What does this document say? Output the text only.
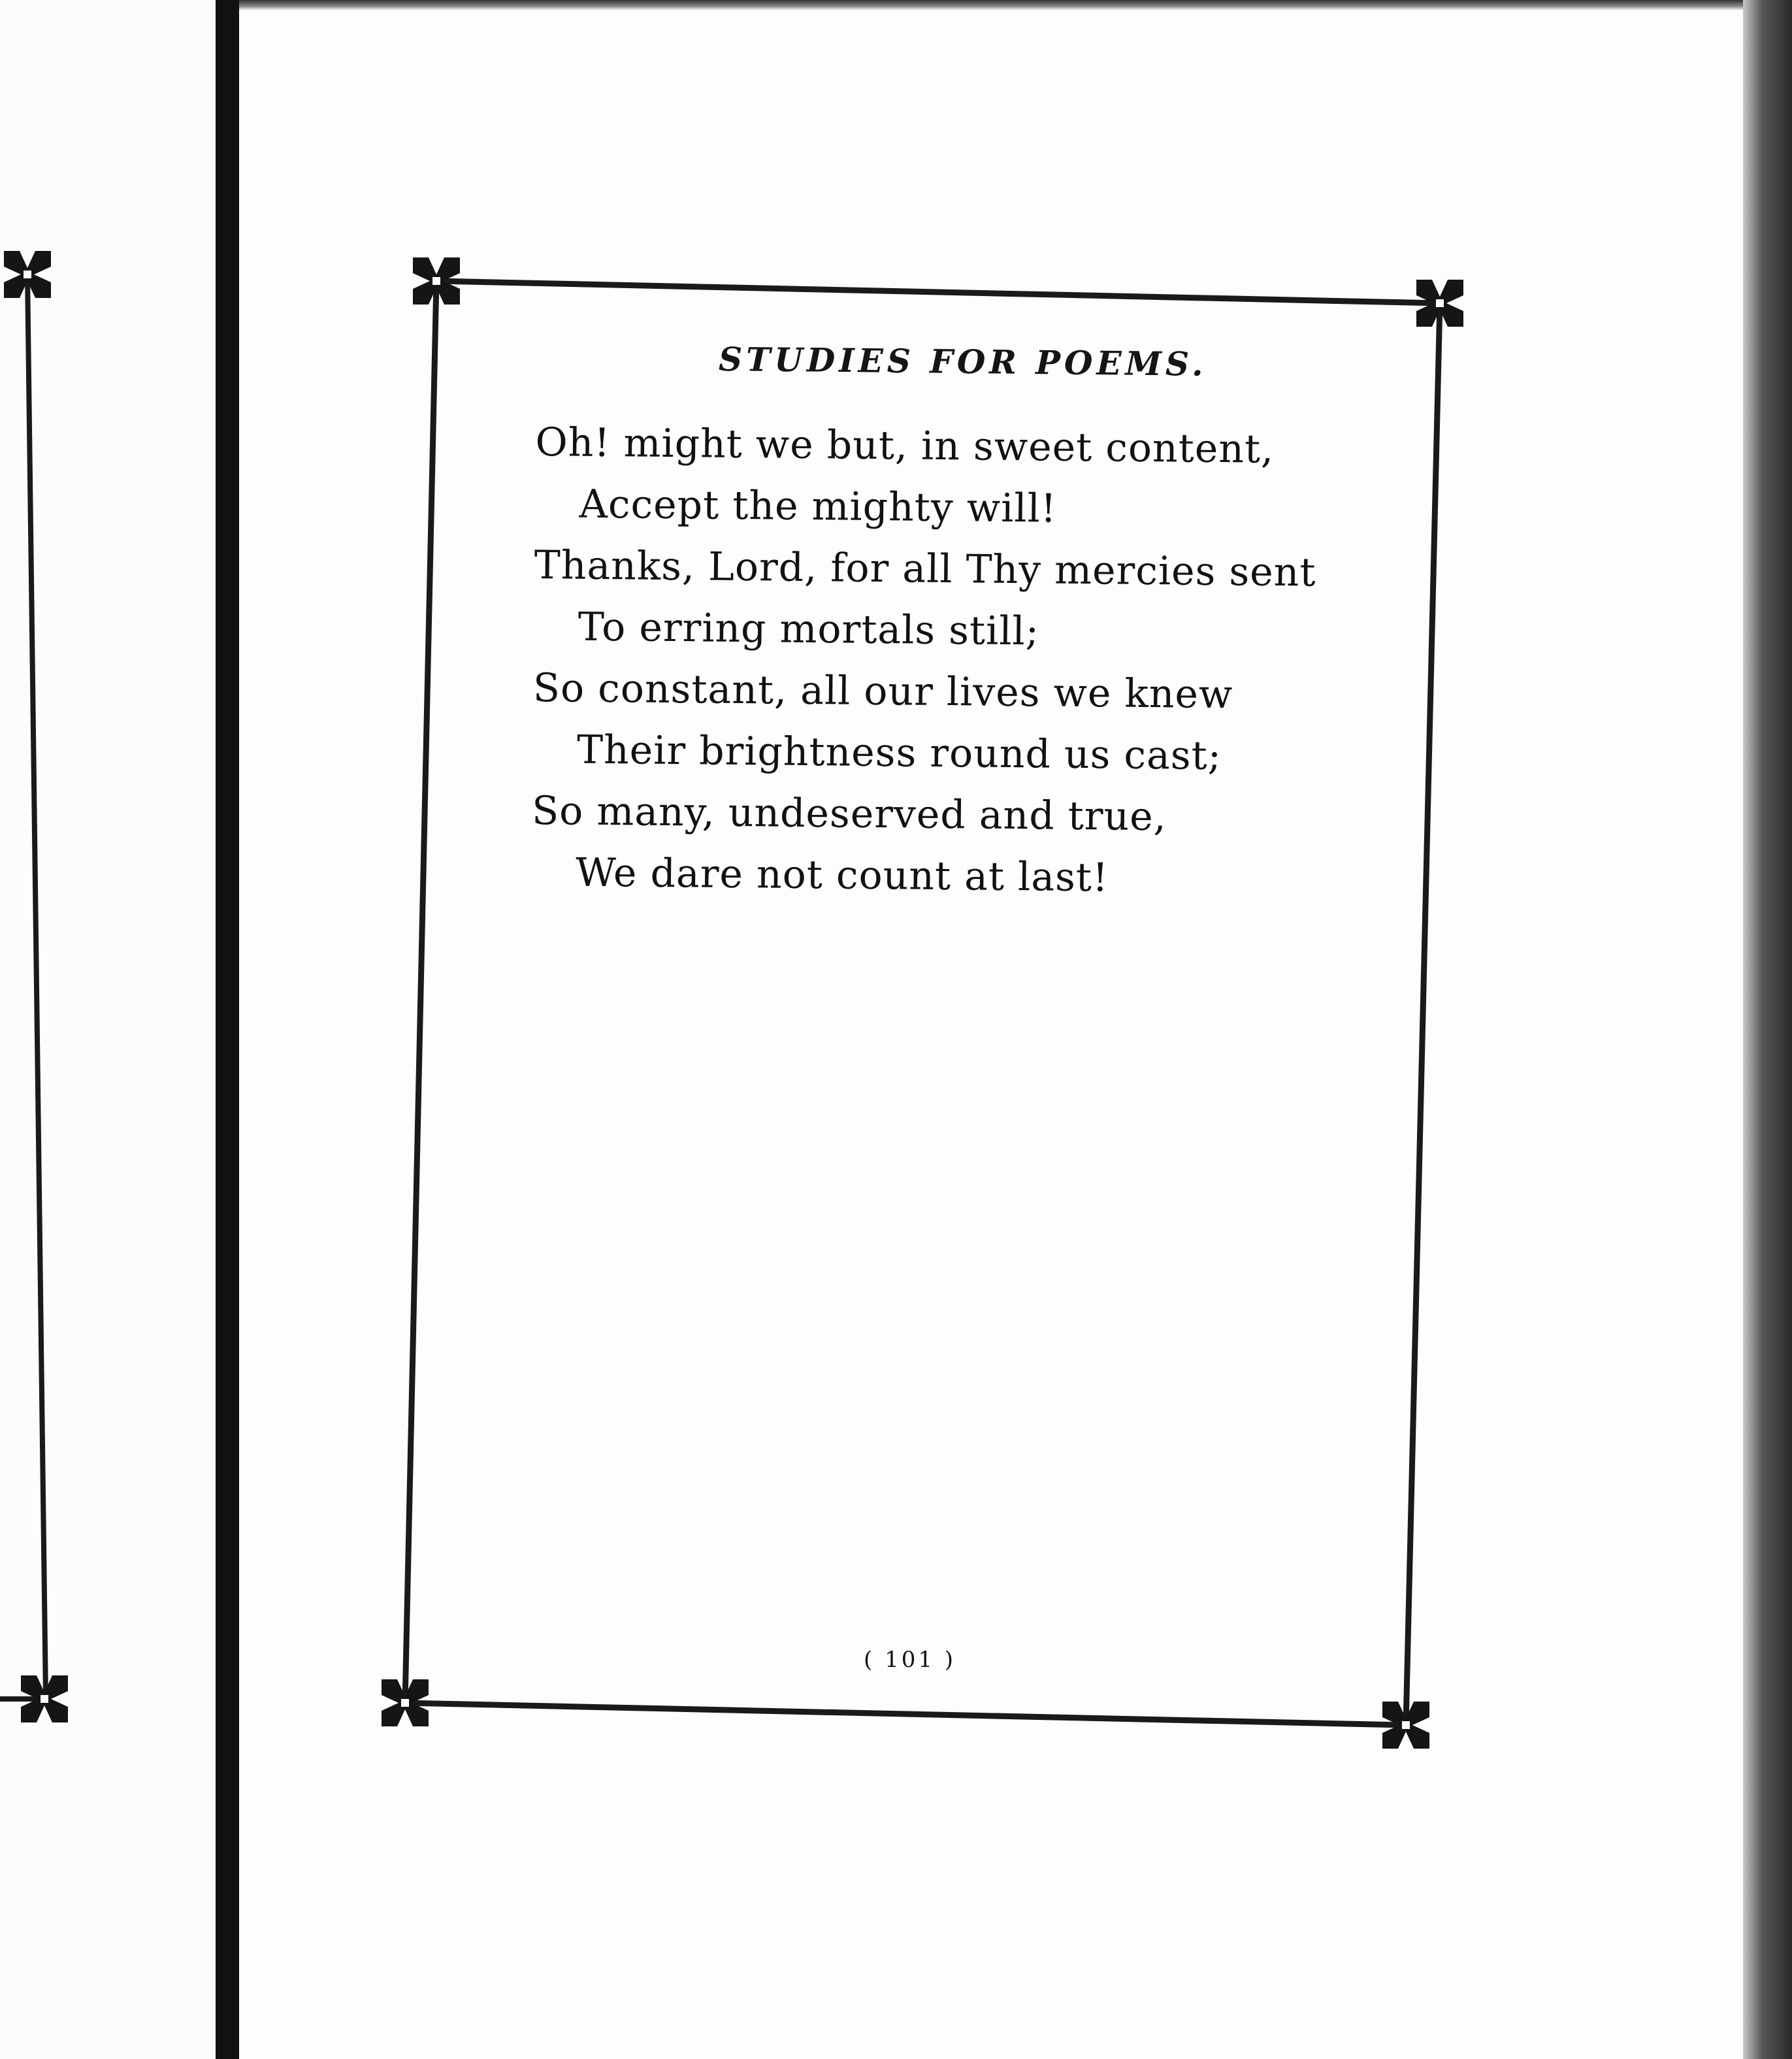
STUDIES FOR POEMS.
Oh! might we but, in sweet content,
Accept the mighty will!
Thanks, Lord, for all Thy mercies sent
To erring mortals still;
So constant, all our lives we knew
Their brightness round us cast;
So many, undeserved and true,
We dare not count at last!
( 101 )
